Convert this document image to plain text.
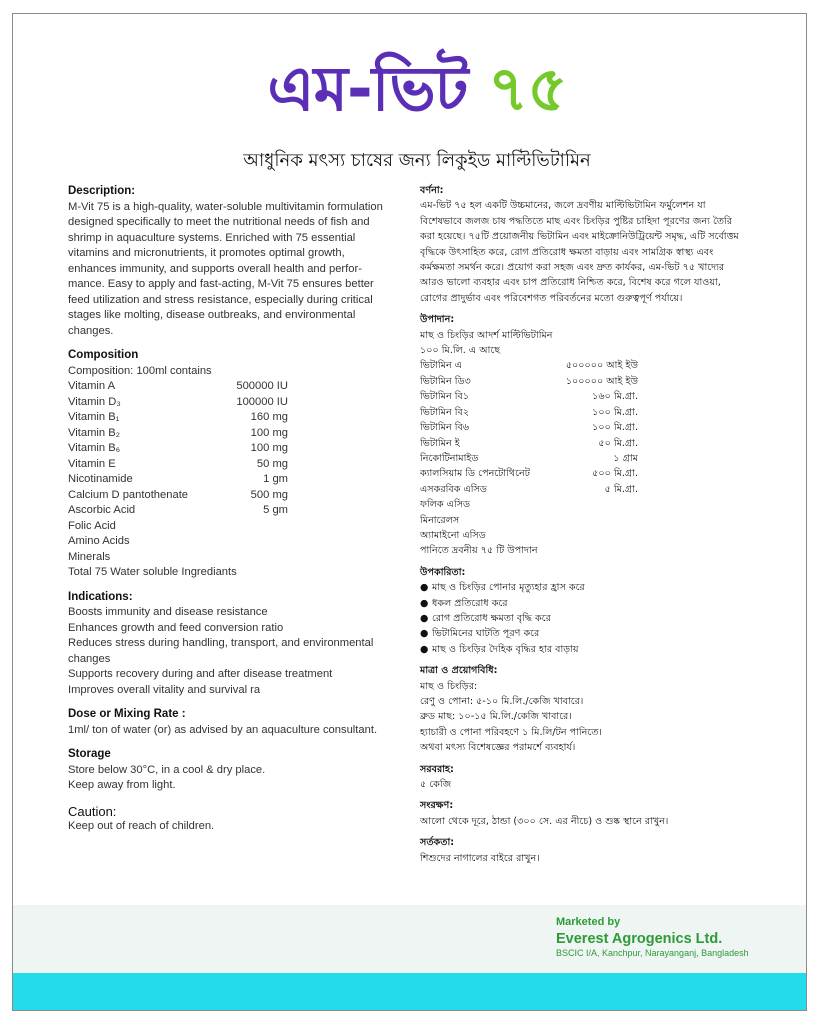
এম-ভিট ৭৫
আধুনিক মৎস্য চাষের জন্য লিকুইড মাল্টিভিটামিন
Description:

M-Vit 75 is a high-quality, water-soluble multivitamin formulation

designed specifically to meet the nutritional needs of fish and

shrimp in aquaculture systems. Enriched with 75 essential

vitamins and micronutrients, it promotes optimal growth,

enhances immunity, and supports overall health and perfor-

mance. Easy to apply and fast-acting, M-Vit 75 ensures better

feed utilization and stress resistance, especially during critical

stages like molting, disease outbreaks, and environmental

changes.

Composition

Composition: 100ml contains

Vitamin A	500000 IU
Vitamin D₃	100000 IU
Vitamin B₁	160 mg
Vitamin B₂	100 mg
Vitamin B₆	100 mg
Vitamin E	50 mg
Nicotinamide	1 gm
Calcium D pantothenate	500 mg
Ascorbic Acid	5 gm
Folic Acid
Amino Acids
Minerals
Total 75 Water soluble Ingrediants
Indications:

Boosts immunity and disease resistance

Enhances growth and feed conversion ratio

Reduces stress during handling, transport, and environmental

changes

Supports recovery during and after disease treatment

Improves overall vitality and survival ra

Dose or Mixing Rate :

1ml/ ton of water (or) as advised by an aquaculture consultant.

Storage

Store below 30°C, in a cool & dry place.

Keep away from light.

Caution:

Keep out of reach of children.

বর্ণনা:

এম-ভিট ৭৫ হল একটি উচ্চমানের, জলে দ্রবণীয় মাল্টিভিটামিন ফর্মুলেশন যা

বিশেষভাবে জলজ চাষ পদ্ধতিতে মাছ এবং চিংড়ির পুষ্টির চাহিদা পূরণের জন্য তৈরি

করা হয়েছে। ৭৫টি প্রয়োজনীয় ভিটামিন এবং মাইক্রোনিউট্রিয়েন্ট সমৃদ্ধ, এটি সর্বোত্তম

বৃদ্ধিকে উৎসাহিত করে, রোগ প্রতিরোধ ক্ষমতা বাড়ায় এবং সামগ্রিক স্বাস্থ্য এবং

কর্মক্ষমতা সমর্থন করে। প্রয়োগ করা সহজ এবং দ্রুত কার্যকর, এম-ভিট ৭৫ খাদ্যের

আরও ভালো ব্যবহার এবং চাপ প্রতিরোধ নিশ্চিত করে, বিশেষ করে গলে যাওয়া,

রোগের প্রাদুর্ভাব এবং পরিবেশগত পরিবর্তনের মতো গুরুত্বপূর্ণ পর্যায়ে।

উপাদান:

মাছ ও চিংড়ির আদর্শ মাল্টিভিটামিন

১০০ মি.লি. এ আছে

ভিটামিন এ	৫০০০০০ আই ইউ
ভিটামিন ডি৩	১০০০০০ আই ইউ
ভিটামিন বি১	১৬০ মি.গ্রা.
ভিটামিন বি২	১০০ মি.গ্রা.
ভিটামিন বি৬	১০০ মি.গ্রা.
ভিটামিন ই	৫০ মি.গ্রা.
নিকোটিনামাইড	১ গ্রাম
ক্যালসিয়াম ডি পেনটোথিনেট	৫০০ মি.গ্রা.
এসকরবিক এসিড	৫ মি.গ্রা.
ফলিক এসিড
মিনারেলস
অ্যামাইনো এসিড
পানিতে দ্রবনীয় ৭৫ টি উপাদান
উপকারিতা:
● মাছ ও চিংড়ির পোনার মৃত্যুহার হ্রাস করে
● ধকল প্রতিরোধ করে
● রোগ প্রতিরোধ ক্ষমতা বৃদ্ধি করে
● ভিটামিনের ঘাটতি পূরণ করে
● মাছ ও চিংড়ির দৈহিক বৃদ্ধির হার বাড়ায়
মাত্রা ও প্রয়োগবিধি:

মাছ ও চিংড়ির:

রেণু ও পোনা: ৫-১০ মি.লি./কেজি খাবারে।

ব্রুড মাছ: ১০-১৫ মি.লি./কেজি খাবারে।

হ্যাচারী ও পোনা পরিবহণে ১ মি.লি/টন পানিতে।

অথবা মৎস্য বিশেষজ্ঞের পরামর্শে ব্যবহার্য।

সরবরাহ:

৫ কেজি

সংরক্ষণ:

আলো থেকে দূরে, ঠান্ডা (৩০০ সে. এর নীচে) ও শুষ্ক স্থানে রাখুন।

সর্তকতা:

শিশুদের নাগালের বাইরে রাখুন।

Marketed by
Everest Agrogenics Ltd.
BSCIC I/A, Kanchpur, Narayanganj, Bangladesh
